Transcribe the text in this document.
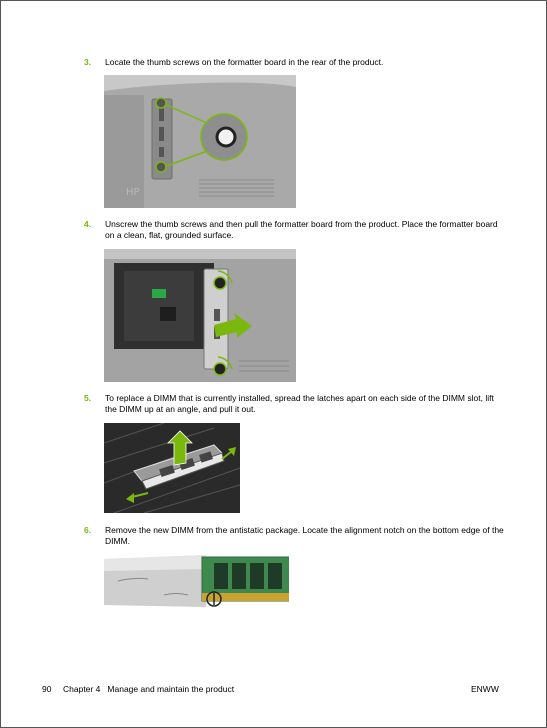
3. Locate the thumb screws on the formatter board in the rear of the product.
HP
4. Unscrew the thumb screws and then pull the formatter board from the product. Place the formatter board on a clean, flat, grounded surface.
5. To replace a DIMM that is currently installed, spread the latches apart on each side of the DIMM slot, lift the DIMM up at an angle, and pull it out.
6. Remove the new DIMM from the antistatic package. Locate the alignment notch on the bottom edge of the DIMM.
90 Chapter 4   Manage and maintain the product	ENWW
